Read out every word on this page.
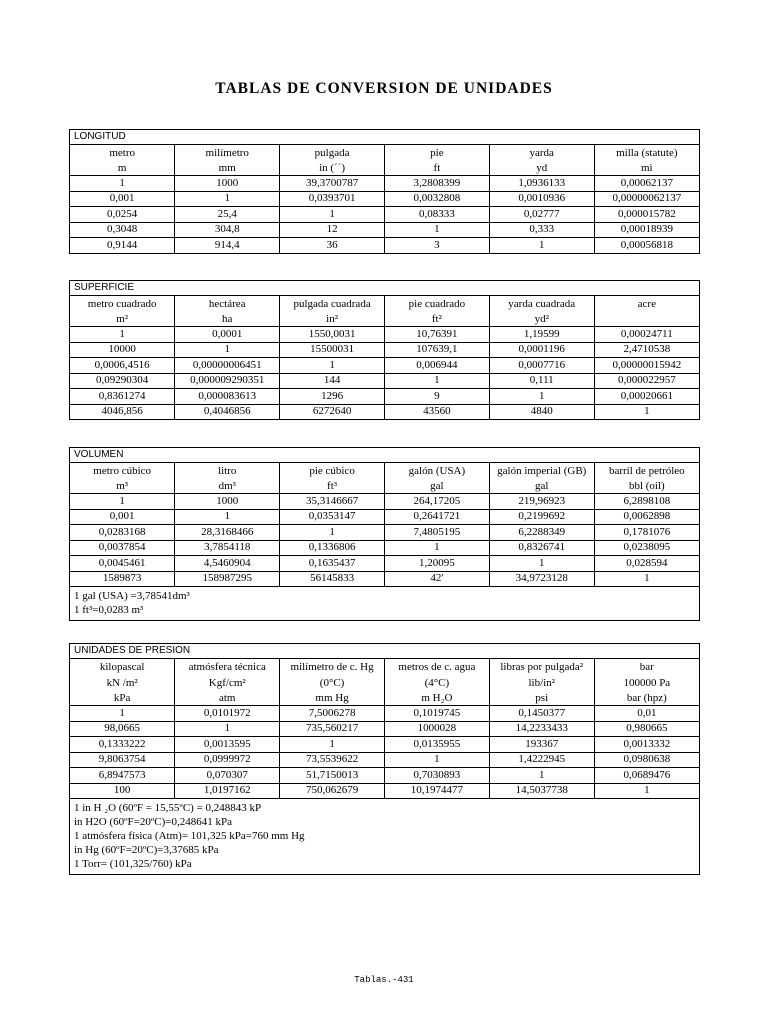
TABLAS DE CONVERSION DE UNIDADES
LONGITUD
metro	milímetro	pulgada	pie	yarda	milla (statute)
m	mm	in (´´)	ft	yd	mi
1	1000	39,3700787	3,2808399	1,0936133	0,00062137
0,001	1	0,0393701	0,0032808	0,0010936	0,00000062137
0,0254	25,4	1	0,08333	0,02777	0,000015782
0,3048	304,8	12	1	0,333	0,00018939
0,9144	914,4	36	3	1	0,00056818
SUPERFICIE
metro cuadrado	hectárea	pulgada cuadrada	pie cuadrado	yarda cuadrada	acre
m²	ha	in²	ft²	yd²	
1	0,0001	1550,0031	10,76391	1,19599	0,00024711
10000	1	15500031	107639,1	0,0001196	2,4710538
0,0006,4516	0,00000006451	1	0,006944	0,0007716	0,00000015942
0,09290304	0,000009290351	144	1	0,111	0,000022957
0,8361274	0,000083613	1296	9	1	0,00020661
4046,856	0,4046856	6272640	43560	4840	1
VOLUMEN
metro cúbico	litro	pie cúbico	galón (USA)	galón imperial (GB)	barril de petróleo
m³	dm³	ft³	gal	gal	bbl (oil)
1	1000	35,3146667	264,17205	219,96923	6,2898108
0,001	1	0,0353147	0,2641721	0,2199692	0,0062898
0,0283168	28,3168466	1	7,4805195	6,2288349	0,1781076
0,0037854	3,7854118	0,1336806	1	0,8326741	0,0238095
0,0045461	4,5460904	0,1635437	1,20095	1	0,028594
1589873	158987295	56145833	42'	34,9723128	1
1 gal (USA) =3,78541dm³
1 ft³=0,0283 m³
UNIDADES DE PRESION
kilopascal	atmósfera técnica	milímetro de c. Hg	metros de c. agua	libras por pulgada²	bar
kN /m²	Kgf/cm²	(0°C)	(4°C)	lib/in²	100000 Pa
kPa	atm	mm Hg	m H₂O	psi	bar (hpz)
1	0,0101972	7,5006278	0,1019745	0,1450377	0,01
98,0665	1	735,560217	1000028	14,2233433	0,980665
0,1333222	0,0013595	1	0,0135955	193367	0,0013332
9,8063754	0,0999972	73,5539622	1	1,4222945	0,0980638
6,8947573	0,070307	51,7150013	0,7030893	1	0,0689476
100	1,0197162	750,062679	10,1974477	14,5037738	1
1 in H ₂O (60ºF = 15,55ºC) = 0,248843 kP
in H2O (60ºF=20ºC)=0,248641 kPa
1 atmósfera física (Atm)= 101,325 kPa=760 mm Hg
in Hg (60ºF=20ºC)=3,37685 kPa
1 Torr= (101,325/760) kPa
Tablas.-431
